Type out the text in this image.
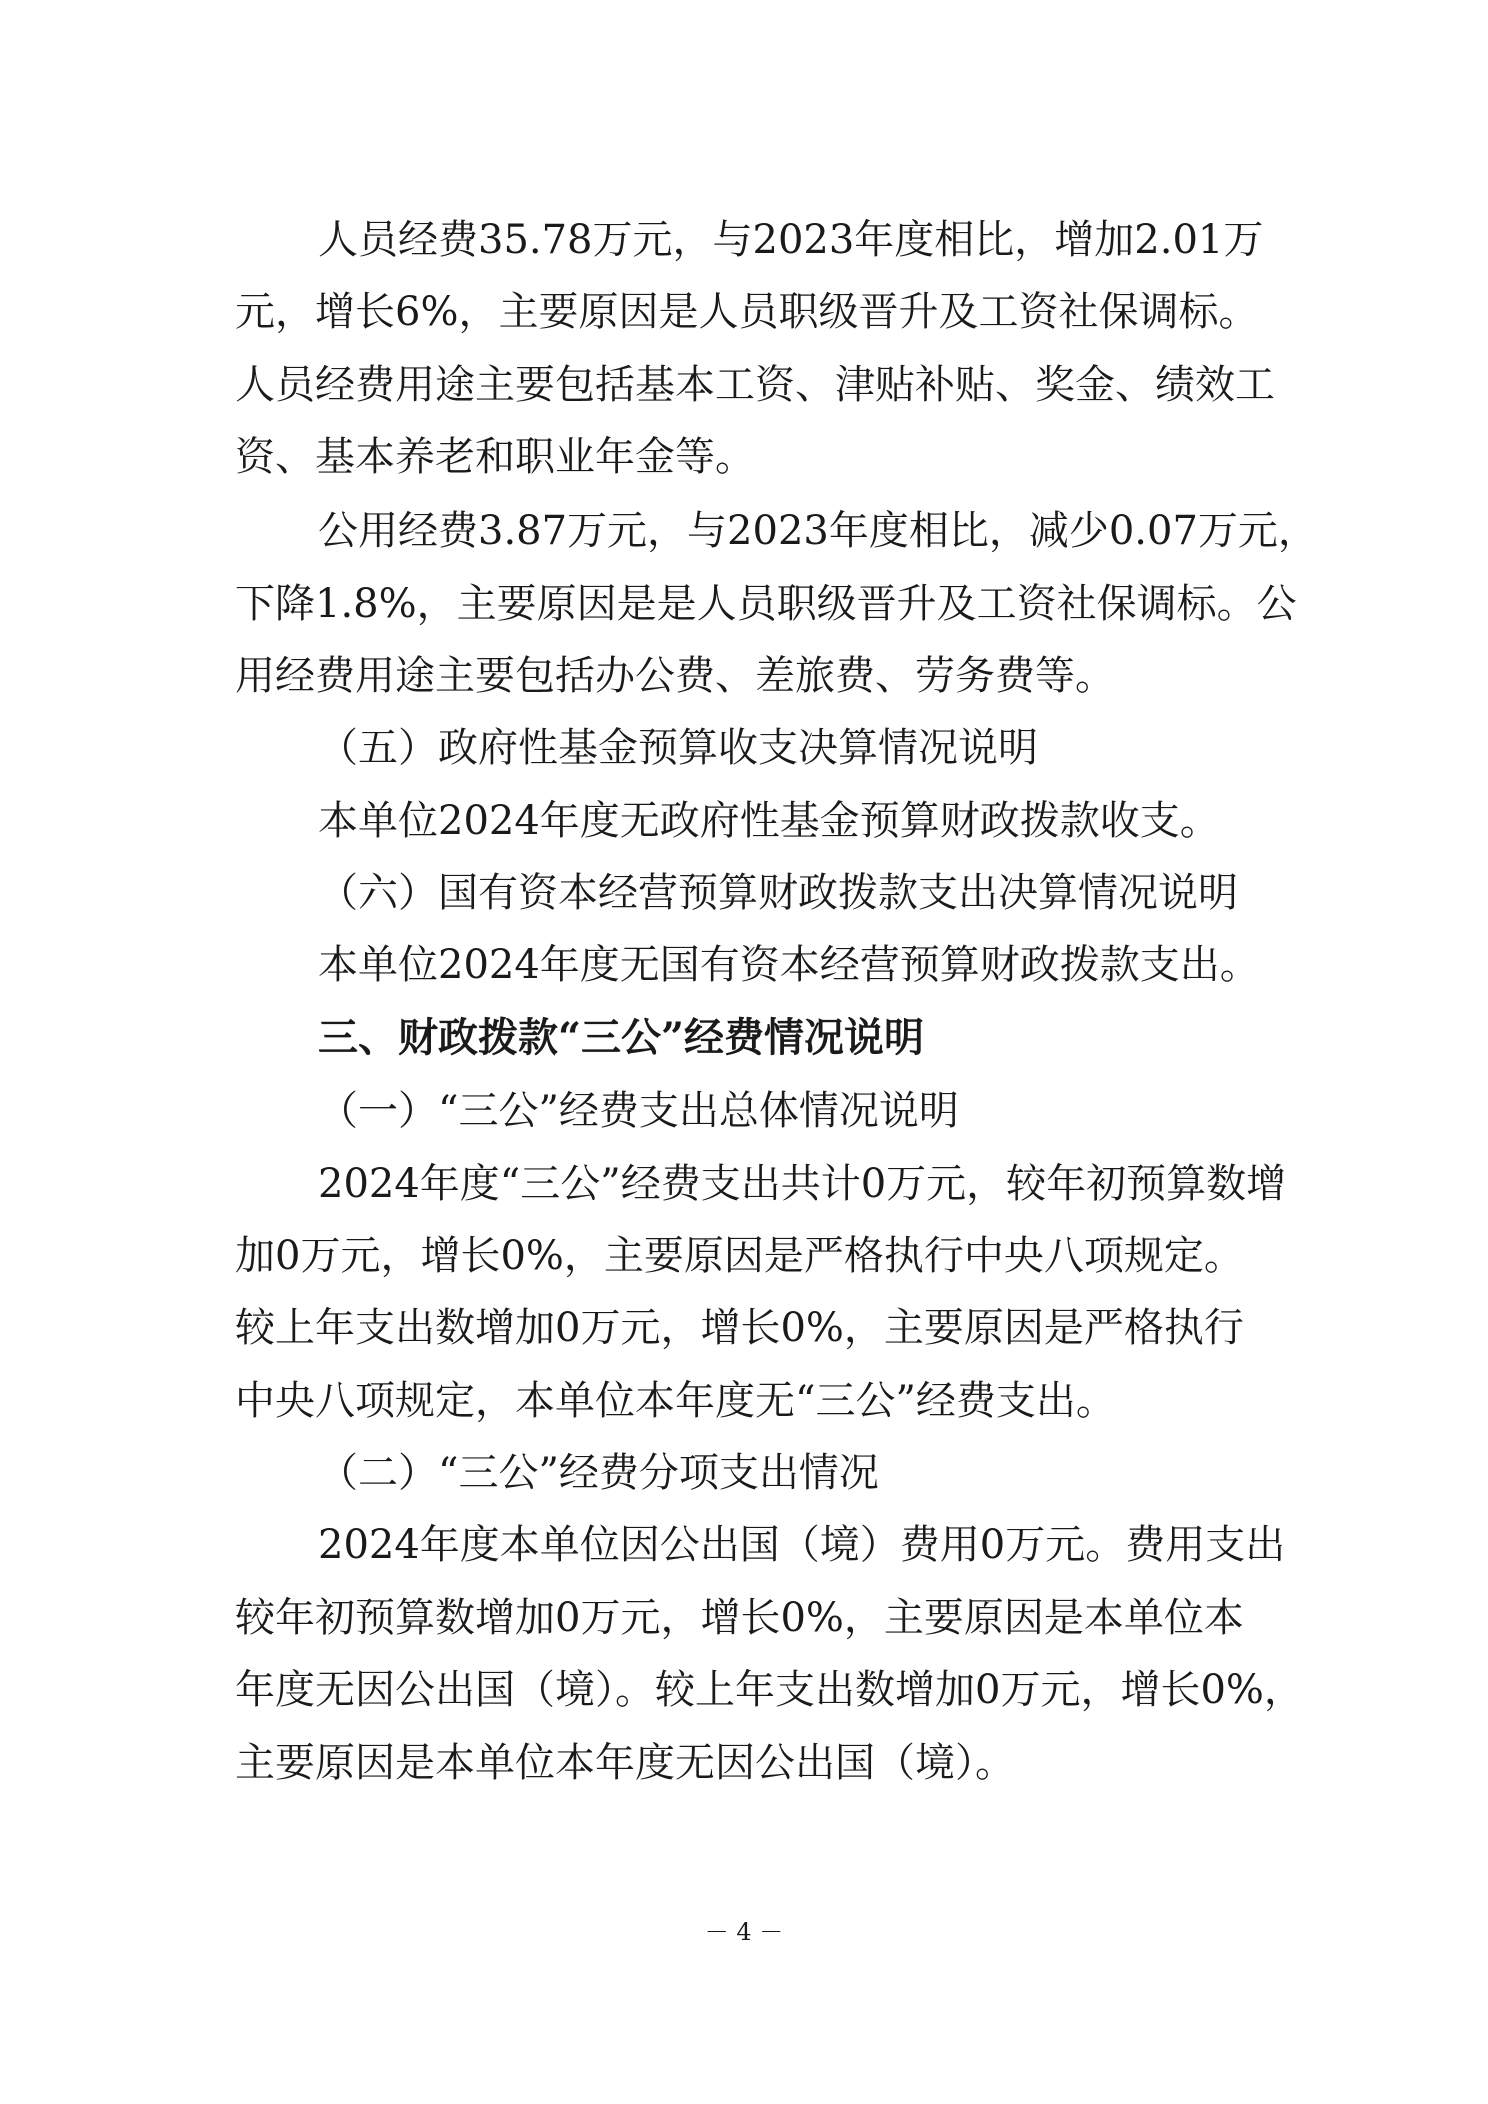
人员经费35.78万元，与2023年度相比，增加2.01万
元，增长6%，主要原因是人员职级晋升及工资社保调标。
人员经费用途主要包括基本工资、津贴补贴、奖金、绩效工
资、基本养老和职业年金等。
公用经费3.87万元，与2023年度相比，减少0.07万元，
下降1.8%，主要原因是是人员职级晋升及工资社保调标。公
用经费用途主要包括办公费、差旅费、劳务费等。
（五）政府性基金预算收支决算情况说明
本单位2024年度无政府性基金预算财政拨款收支。
（六）国有资本经营预算财政拨款支出决算情况说明
本单位2024年度无国有资本经营预算财政拨款支出。
三、财政拨款“三公”经费情况说明
（一）“三公”经费支出总体情况说明
2024年度“三公”经费支出共计0万元，较年初预算数增
加0万元，增长0%，主要原因是严格执行中央八项规定。
较上年支出数增加0万元，增长0%，主要原因是严格执行
中央八项规定，本单位本年度无“三公”经费支出。
（二）“三公”经费分项支出情况
2024年度本单位因公出国（境）费用0万元。费用支出
较年初预算数增加0万元，增长0%，主要原因是本单位本
年度无因公出国（境）。较上年支出数增加0万元，增长0%，
主要原因是本单位本年度无因公出国（境）。
－ 4 －
